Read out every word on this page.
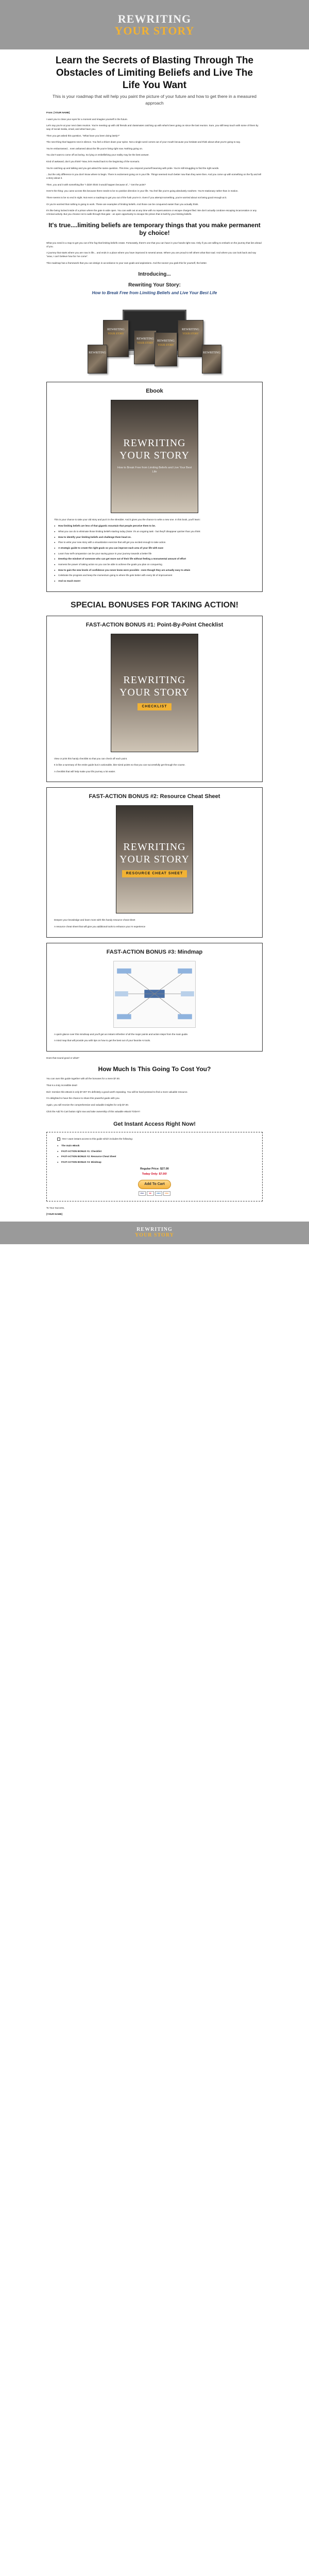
REWRITING
YOUR STORY
Learn the Secrets of Blasting Through The Obstacles of Limiting Beliefs and Live The Life You Want
This is your roadmap that will help you paint the picture of your future and how to get there in a measured approach

From: [YOUR NAME]

I want you to close your eyes for a moment and imagine yourself in the future.

Let's say you're at your next class reunion. You're meeting up with old friends and classmates catching up with what's been going on since the last reunion. Sure, you still keep touch with some of them by way of social media, email, and what have you.

Then you get asked this question, "What have you been doing lately?"

The next thing that happens next is silence. You feel a shiver down your spine. Not a single word comes out of your mouth because you hesitate and think about what you're going to say.

You're embarrassed... even ashamed about the life you're living right now. Nothing going on.

You don't want to come off as boring. So lying or embellishing your reality may be the best answer.

Kind of awkward, don't you think? Now, let's rewind back to the beginning of the scenario.

You're catching up and talking and you get asked the same question. This time, you respond yourself beaming with pride. You're still struggling to find the right words.

...but the only difference is you don't know where to begin. There is excitement going on in your life. Things seemed much better now than they were then. And you come up with something on the fly and tell a story about it.

Then, you and it with something like "I didn't think it would happen because of..." Get the point?

Here's the thing: you came across this because there needs to be no positive direction in your life. You feel like you're going absolutely nowhere. You're stationary rather than in motion.

There seems to be no end in sight. Not even a roadmap to get you out of the funk you're in. Even if you attempt something, you're worried about not being good enough at it.

Or you're worried that nothing is going to work. These are examples of limiting beliefs. And those can be conquered easier than you actually think.

It's like being locked inside of a prison where the gate is wide open. You can walk out at any time with no repercussions or escape charges filed. We don't actually condone escaping incarceration or any criminal activity. But you choose not to walk through that gate - an open opportunity to escape the prison that is built by your limiting beliefs.

It's true....limiting beliefs are temporary things that you make permanent by choice!

What you need is a map to get you out of the fog that limiting beliefs create. Fortunately, there's one that you can have in your hands right now. Only if you are willing to embark on the journey that lies ahead of you.

A journey that starts where you are now in life... and ends in a place where you have improved in several areas. Where you are proud to tell others what that road. And where you can look back and say "wow, I can't believe how far I've come".

This roadmap has a framework that you can design in accordance to your own goals and aspirations. And the sooner you grab this for yourself, the better.

Introducing...
Rewriting Your Story:
How to Break Free from Limiting Beliefs and Live Your Best Life
REWRITING
YOUR STORY
REWRITING
YOUR STORY
REWRITING
YOUR STORY
REWRITING
YOUR STORY
REWRITING	REWRITING
Ebook
REWRITING
YOUR STORY
How to Break Free from Limiting Beliefs and Live Your Best Life

This is your chance to take your old story and put it in the shredder. And it gives you the chance to write a new one. In this book, you'll learn:

● How limiting beliefs are less of that gigantic mountain that people perceive them to be.
● What you can do to eliminate those limiting beliefs starting today (Note: it's an ongoing task - but they'll disappear quicker than you think
● How to identify your limiting beliefs and challenge them head on.
● Plan to write your new story with a visualization exercise that will get you excited enough to take action.
● A strategic guide to create the right goals so you can improve each area of your life with ease
● Learn how self-compassion can be your saving grace in your journey towards a better life
● Develop the mindset of someone who can get more out of their life without feeling a monumental amount of effort
● Harness the power of taking action so you can be able to achieve the goals you plan on conquering
● How to gain the new levels of confidence you never knew were possible - even though they are actually easy to attain
● Celebrate the progress and keep the momentum going to where life gets better with every bit of improvement
● And so much more!
SPECIAL BONUSES FOR TAKING ACTION!
FAST-ACTION BONUS #1: Point-By-Point Checklist
REWRITING
YOUR STORY
CHECKLIST

View or print this handy checklist so that you can check off each point.

It is like a summary of the entire guide but in actionable, bite-sized points so that you can successfully get through the course.

A checklist that will help make your life journey a lot easier.

FAST-ACTION BONUS #2: Resource Cheat Sheet
REWRITING
YOUR STORY
RESOURCE CHEAT SHEET

Deepen your knowledge and learn more with this handy resource cheat sheet

A resource cheat sheet that will give you additional tools to enhance your AI experience

FAST-ACTION BONUS #3: Mindmap

A quick glance over this mindmap and you'll get an instant refresher of all the major points and action steps from the main guide.

A mind map that will provide you with tips on how to get the best out of your favorite AI tools.

Does that sound good or what?

How Much Is This Going To Cost You?

You can own this guide together with all the bonuses for a mere $7.00.

That is a truly incredible deal!

Did I mention this eBook is only $7.00? It's definitely a good worth repeating. You will be hard-pressed to find a more valuable resource.

I'm delighted to have the chance to share this powerful guide with you.

Again, you will receive the comprehensive and valuable insights for only $7.00.

Click the Add To Cart button right now and take ownership of this valuable eBook TODAY!

Get Instant Access Right Now!

Yes! I want instant access to this guide which includes the following:

● The main eBook
● FAST-ACTION BONUS #1: Checklist
● FAST-ACTION BONUS #2: Resource Cheat Sheet
● FAST-ACTION BONUS #3: Mindmap
Regular Price: $27.00
Today Only: $7.00!
Add To Cart
VISA	MC	AMEX	DISC

To Your Success,

[YOUR NAME]

REWRITING
YOUR STORY
